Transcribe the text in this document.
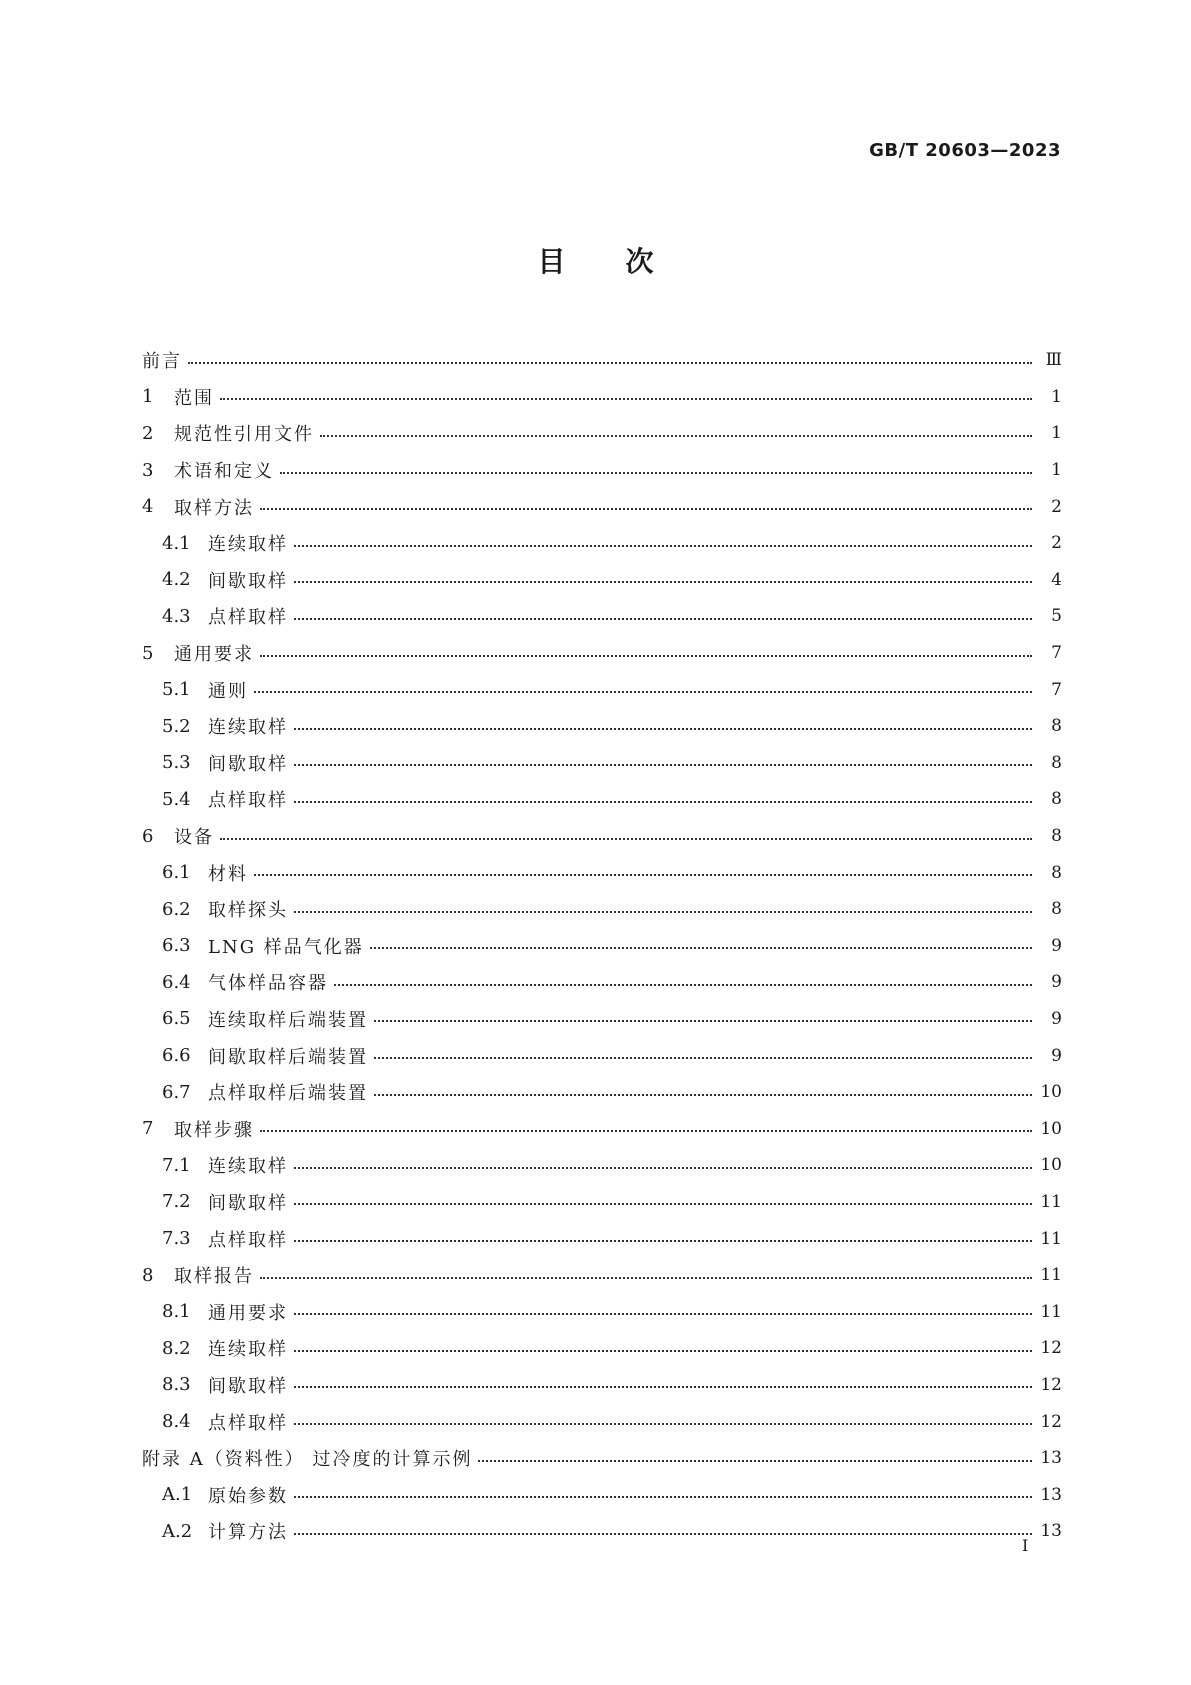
GB/T 20603—2023
目次
前言	Ⅲ
1	范围	1
2	规范性引用文件	1
3	术语和定义	1
4	取样方法	2
4.1 连续取样	2
4.2 间歇取样	4
4.3 点样取样	5
5	通用要求	7
5.1 通则	7
5.2 连续取样	8
5.3 间歇取样	8
5.4 点样取样	8
6	设备	8
6.1 材料	8
6.2 取样探头	8
6.3 LNG 样品气化器	9
6.4 气体样品容器	9
6.5 连续取样后端装置	9
6.6 间歇取样后端装置	9
6.7 点样取样后端装置	10
7	取样步骤	10
7.1 连续取样	10
7.2 间歇取样	11
7.3 点样取样	11
8	取样报告	11
8.1 通用要求	11
8.2 连续取样	12
8.3 间歇取样	12
8.4 点样取样	12
附录 A（资料性） 过冷度的计算示例	13
A.1 原始参数	13
A.2 计算方法	13
I
